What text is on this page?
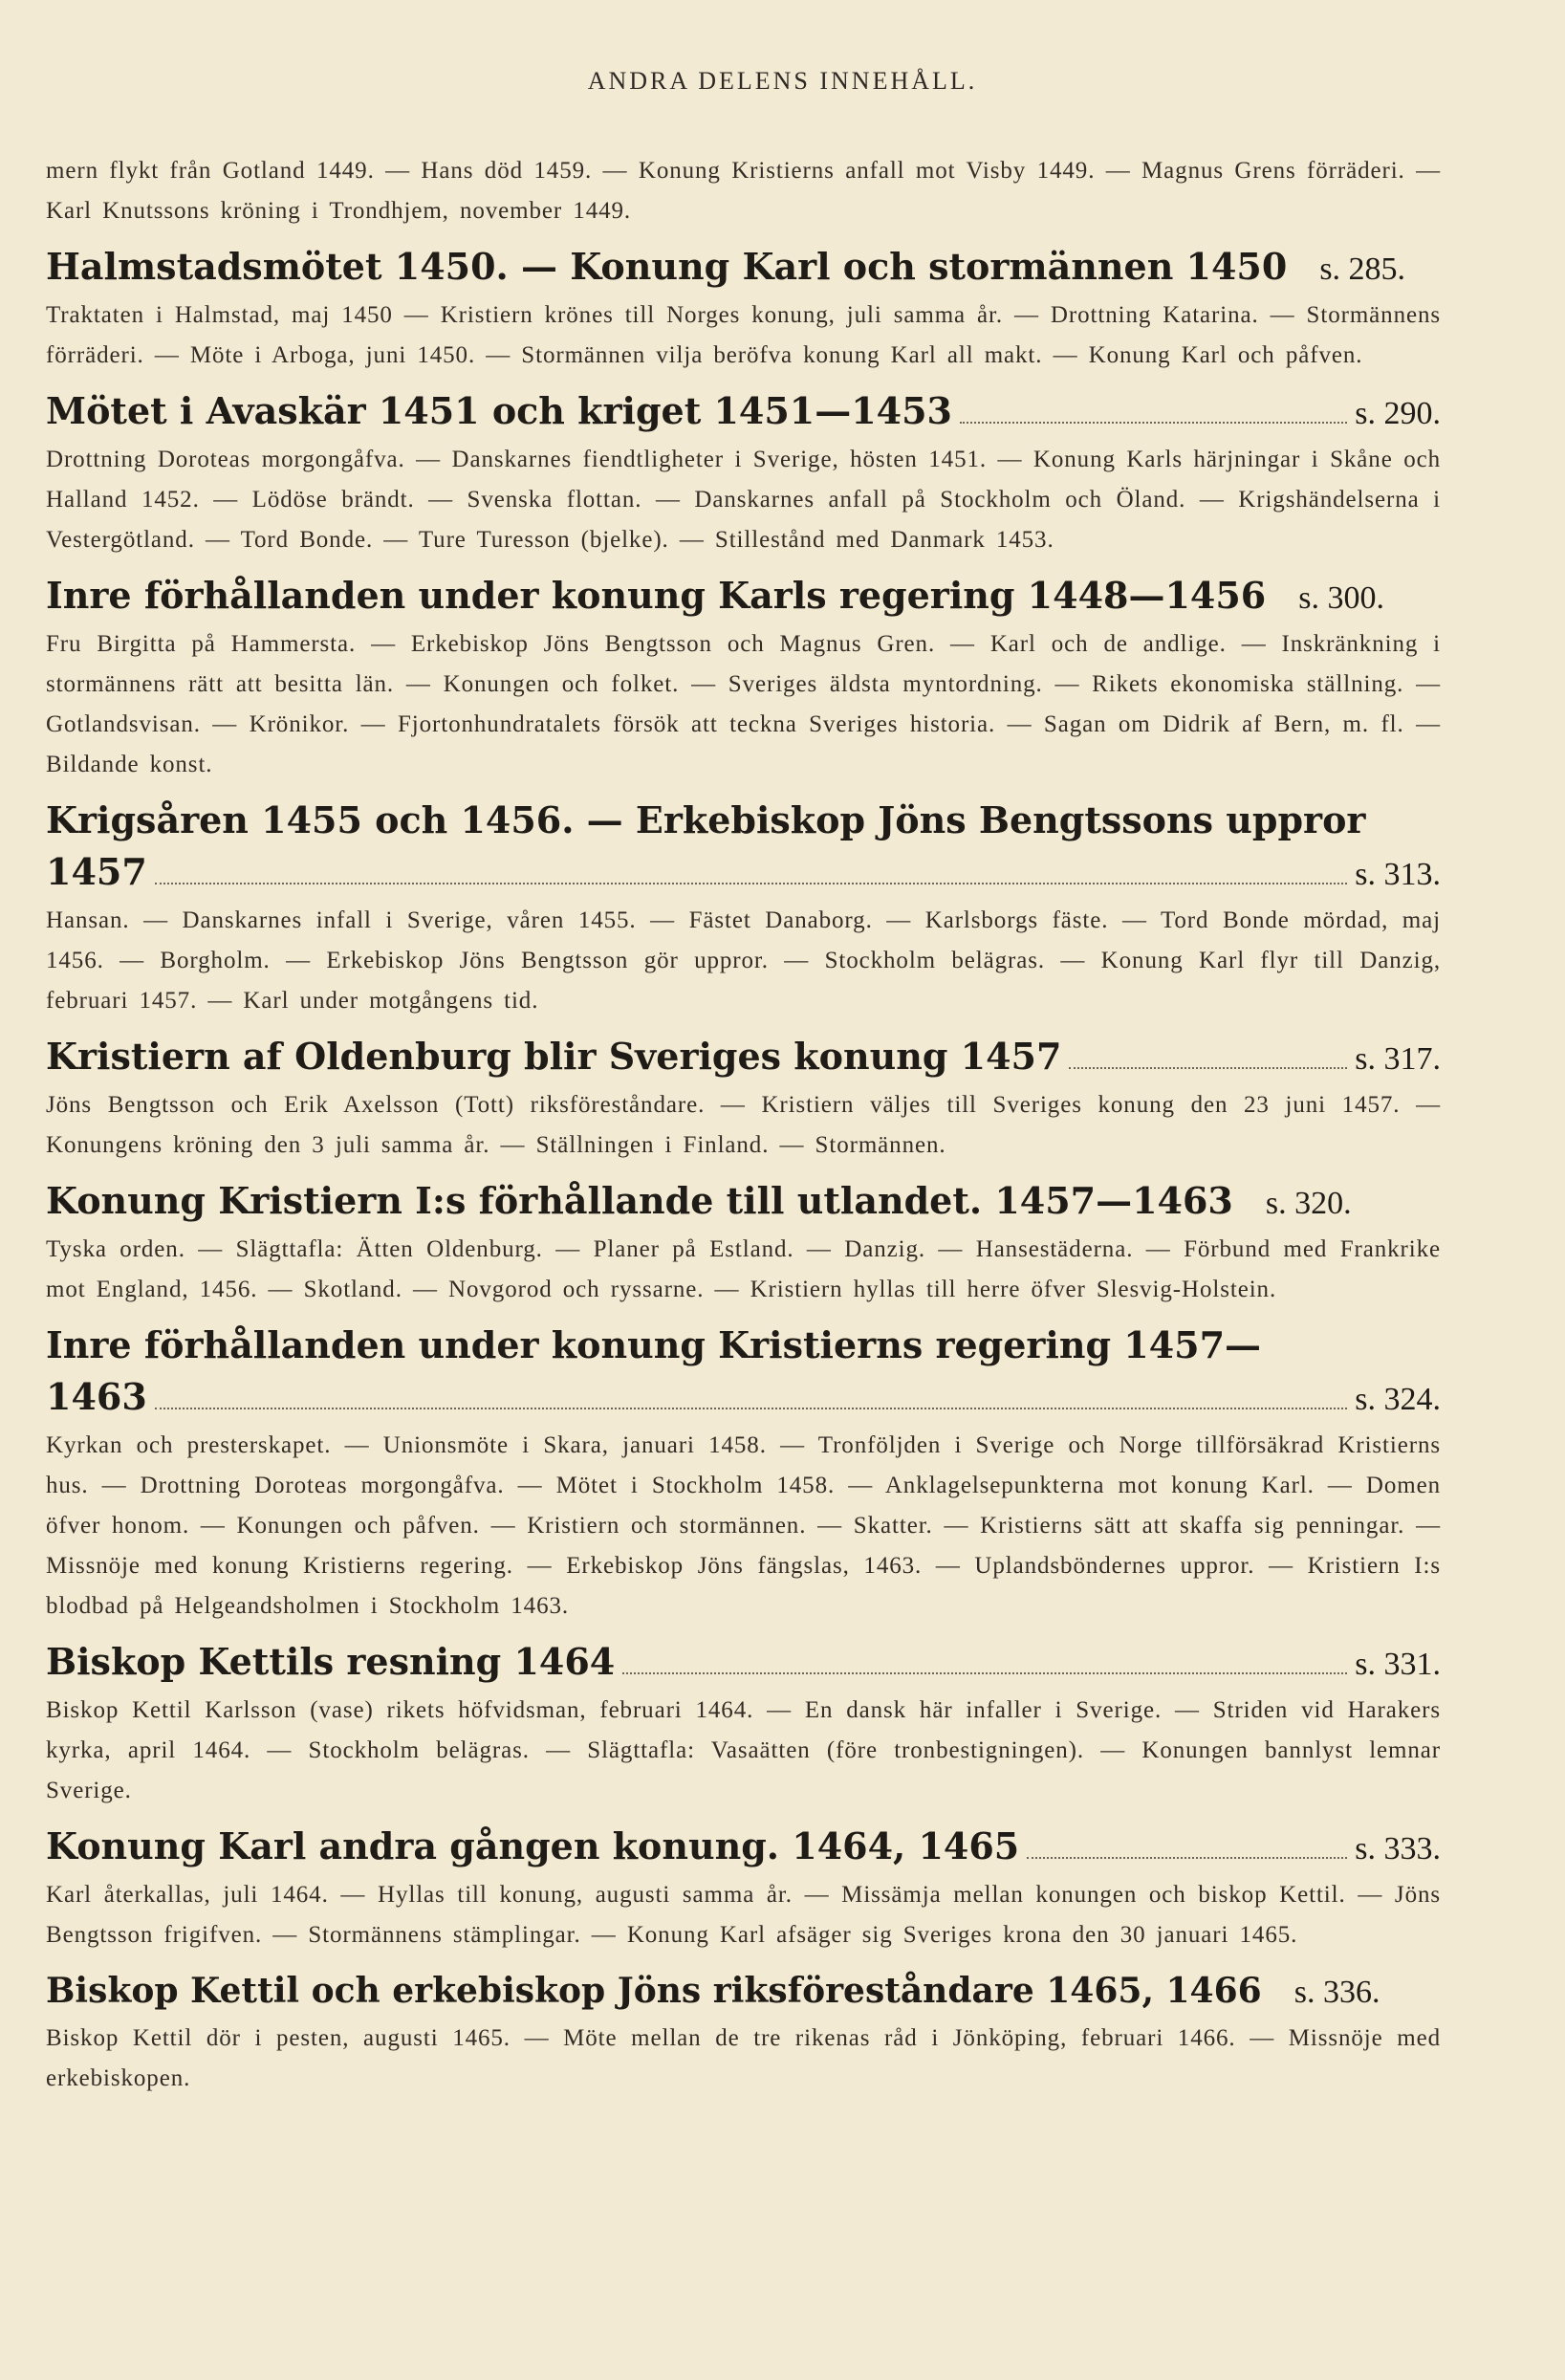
ANDRA DELENS INNEHÅLL.

mern flykt från Gotland 1449. — Hans död 1459. — Konung Kristierns anfall mot Visby 1449. — Magnus Grens förräderi. — Karl Knutssons kröning i Trondhjem, november 1449.

Halmstadsmötet 1450. — Konung Karl och stormännen 1450 s. 285.

Traktaten i Halmstad, maj 1450 — Kristiern krönes till Norges konung, juli samma år. — Drottning Katarina. — Stormännens förräderi. — Möte i Arboga, juni 1450. — Stormännen vilja beröfva konung Karl all makt. — Konung Karl och påfven.

Mötet i Avaskär 1451 och kriget 1451—1453	s. 290.

Drottning Doroteas morgongåfva. — Danskarnes fiendtligheter i Sverige, hösten 1451. — Konung Karls härjningar i Skåne och Halland 1452. — Lödöse brändt. — Svenska flottan. — Danskarnes anfall på Stockholm och Öland. — Krigshändelserna i Vestergötland. — Tord Bonde. — Ture Turesson (bjelke). — Stillestånd med Danmark 1453.

Inre förhållanden under konung Karls regering 1448—1456 s. 300.

Fru Birgitta på Hammersta. — Erkebiskop Jöns Bengtsson och Magnus Gren. — Karl och de andlige. — Inskränkning i stormännens rätt att besitta län. — Konungen och folket. — Sveriges äldsta myntordning. — Rikets ekonomiska ställning. — Gotlandsvisan. — Krönikor. — Fjortonhundratalets försök att teckna Sveriges historia. — Sagan om Didrik af Bern, m. fl. — Bildande konst.

Krigsåren 1455 och 1456. — Erkebiskop Jöns Bengtssons uppror
1457	s. 313.

Hansan. — Danskarnes infall i Sverige, våren 1455. — Fästet Danaborg. — Karlsborgs fäste. — Tord Bonde mördad, maj 1456. — Borgholm. — Erkebiskop Jöns Bengtsson gör uppror. — Stockholm belägras. — Konung Karl flyr till Danzig, februari 1457. — Karl under motgångens tid.

Kristiern af Oldenburg blir Sveriges konung 1457	s. 317.

Jöns Bengtsson och Erik Axelsson (Tott) riksföreståndare. — Kristiern väljes till Sveriges konung den 23 juni 1457. — Konungens kröning den 3 juli samma år. — Ställningen i Finland. — Stormännen.

Konung Kristiern I:s förhållande till utlandet. 1457—1463 s. 320.

Tyska orden. — Slägttafla: Ätten Oldenburg. — Planer på Estland. — Danzig. — Hansestäderna. — Förbund med Frankrike mot England, 1456. — Skotland. — Novgorod och ryssarne. — Kristiern hyllas till herre öfver Slesvig-Holstein.

Inre förhållanden under konung Kristierns regering 1457—
1463	s. 324.

Kyrkan och presterskapet. — Unionsmöte i Skara, januari 1458. — Tronföljden i Sverige och Norge tillförsäkrad Kristierns hus. — Drottning Doroteas morgongåfva. — Mötet i Stockholm 1458. — Anklagelsepunkterna mot konung Karl. — Domen öfver honom. — Konungen och påfven. — Kristiern och stormännen. — Skatter. — Kristierns sätt att skaffa sig penningar. — Missnöje med konung Kristierns regering. — Erkebiskop Jöns fängslas, 1463. — Uplandsböndernes uppror. — Kristiern I:s blodbad på Helgeandsholmen i Stockholm 1463.

Biskop Kettils resning 1464	s. 331.

Biskop Kettil Karlsson (vase) rikets höfvidsman, februari 1464. — En dansk här infaller i Sverige. — Striden vid Harakers kyrka, april 1464. — Stockholm belägras. — Slägttafla: Vasaätten (före tronbestigningen). — Konungen bannlyst lemnar Sverige.

Konung Karl andra gången konung. 1464, 1465	s. 333.

Karl återkallas, juli 1464. — Hyllas till konung, augusti samma år. — Missämja mellan konungen och biskop Kettil. — Jöns Bengtsson frigifven. — Stormännens stämplingar. — Konung Karl afsäger sig Sveriges krona den 30 januari 1465.

Biskop Kettil och erkebiskop Jöns riksföreståndare 1465, 1466 s. 336.

Biskop Kettil dör i pesten, augusti 1465. — Möte mellan de tre rikenas råd i Jönköping, februari 1466. — Missnöje med erkebiskopen.
